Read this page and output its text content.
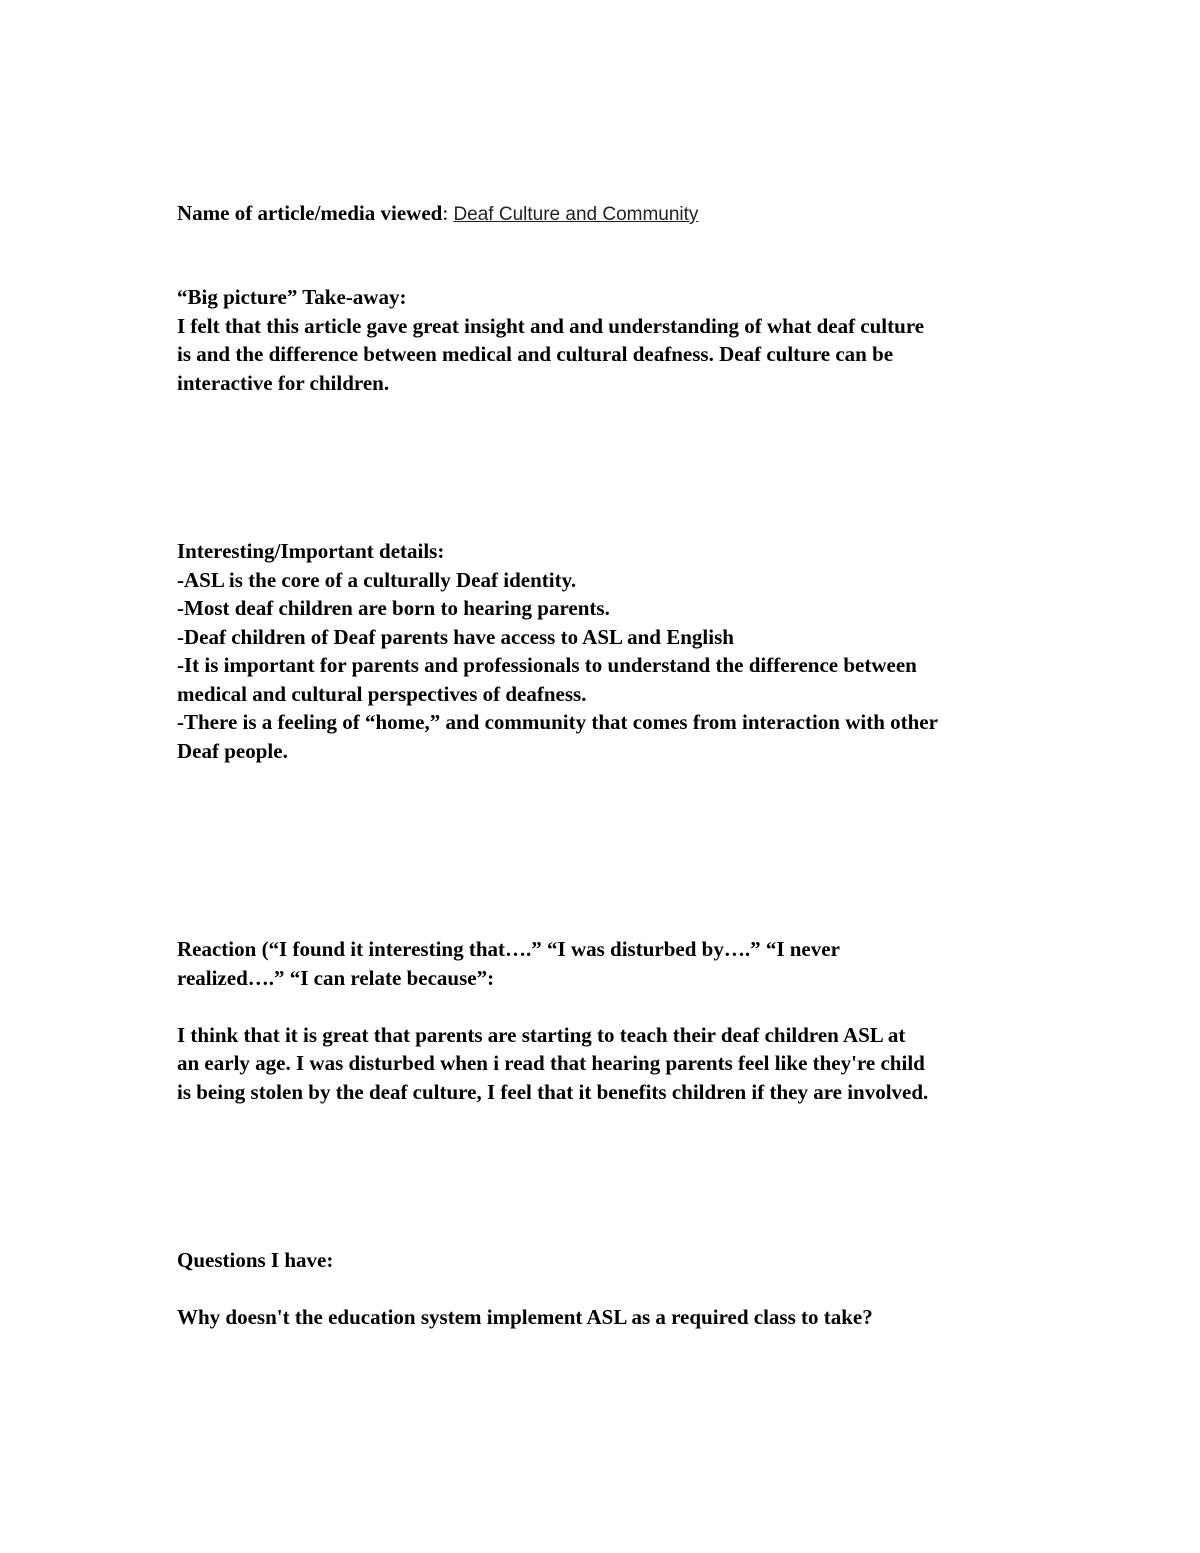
Name of article/media viewed: Deaf Culture and Community
“Big picture” Take-away:
I felt that this article gave great insight and and understanding of what deaf culture
is and the difference between medical and cultural deafness. Deaf culture can be
interactive for children.
Interesting/Important details:
-ASL is the core of a culturally Deaf identity.
-Most deaf children are born to hearing parents.
-Deaf children of Deaf parents have access to ASL and English
-It is important for parents and professionals to understand the difference between
medical and cultural perspectives of deafness.
-There is a feeling of “home,” and community that comes from interaction with other
Deaf people.
Reaction (“I found it interesting that….” “I was disturbed by….” “I never
realized….” “I can relate because”:
I think that it is great that parents are starting to teach their deaf children ASL at
an early age. I was disturbed when i read that hearing parents feel like they're child
is being stolen by the deaf culture, I feel that it benefits children if they are involved.
Questions I have:
Why doesn't the education system implement ASL as a required class to take?
